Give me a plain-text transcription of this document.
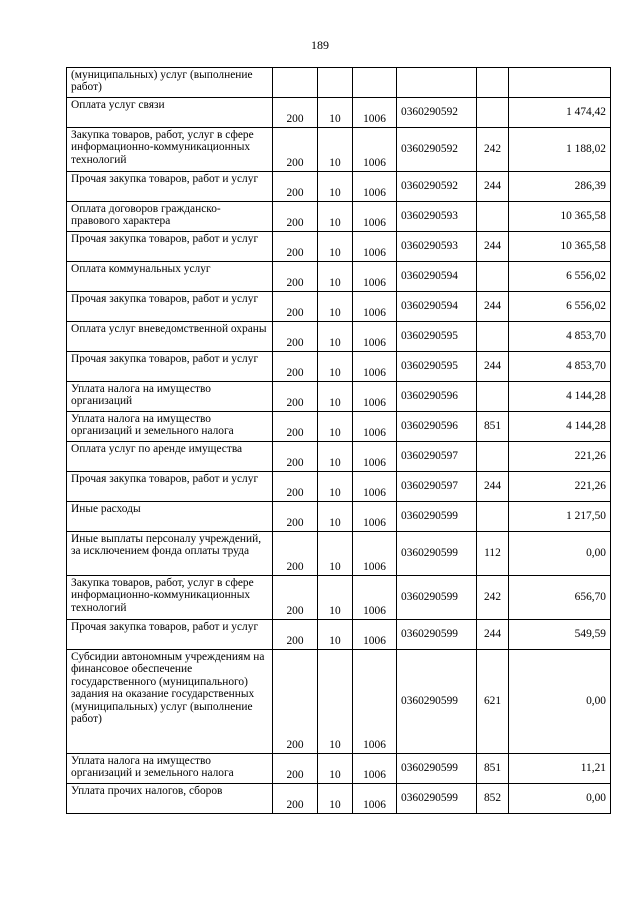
189
(муниципальных) услуг (выполнение работ)						
Оплата услуг связи	200	10	1006	0360290592		1 474,42
Закупка товаров, работ, услуг в сфере информационно-коммуникационных технологий	200	10	1006	0360290592	242	1 188,02
Прочая закупка товаров, работ и услуг	200	10	1006	0360290592	244	286,39
Оплата договоров гражданско-правового характера	200	10	1006	0360290593		10 365,58
Прочая закупка товаров, работ и услуг	200	10	1006	0360290593	244	10 365,58
Оплата коммунальных услуг	200	10	1006	0360290594		6 556,02
Прочая закупка товаров, работ и услуг	200	10	1006	0360290594	244	6 556,02
Оплата услуг вневедомственной охраны	200	10	1006	0360290595		4 853,70
Прочая закупка товаров, работ и услуг	200	10	1006	0360290595	244	4 853,70
Уплата налога на имущество организаций	200	10	1006	0360290596		4 144,28
Уплата налога на имущество организаций и земельного налога	200	10	1006	0360290596	851	4 144,28
Оплата услуг по аренде имущества	200	10	1006	0360290597		221,26
Прочая закупка товаров, работ и услуг	200	10	1006	0360290597	244	221,26
Иные расходы	200	10	1006	0360290599		1 217,50
Иные выплаты персоналу учреждений, за исключением фонда оплаты труда	200	10	1006	0360290599	112	0,00
Закупка товаров, работ, услуг в сфере информационно-коммуникационных технологий	200	10	1006	0360290599	242	656,70
Прочая закупка товаров, работ и услуг	200	10	1006	0360290599	244	549,59
Субсидии автономным учреждениям на финансовое обеспечение государственного (муниципального) задания на оказание государственных (муниципальных) услуг (выполнение работ)	200	10	1006	0360290599	621	0,00
Уплата налога на имущество организаций и земельного налога	200	10	1006	0360290599	851	11,21
Уплата прочих налогов, сборов	200	10	1006	0360290599	852	0,00
